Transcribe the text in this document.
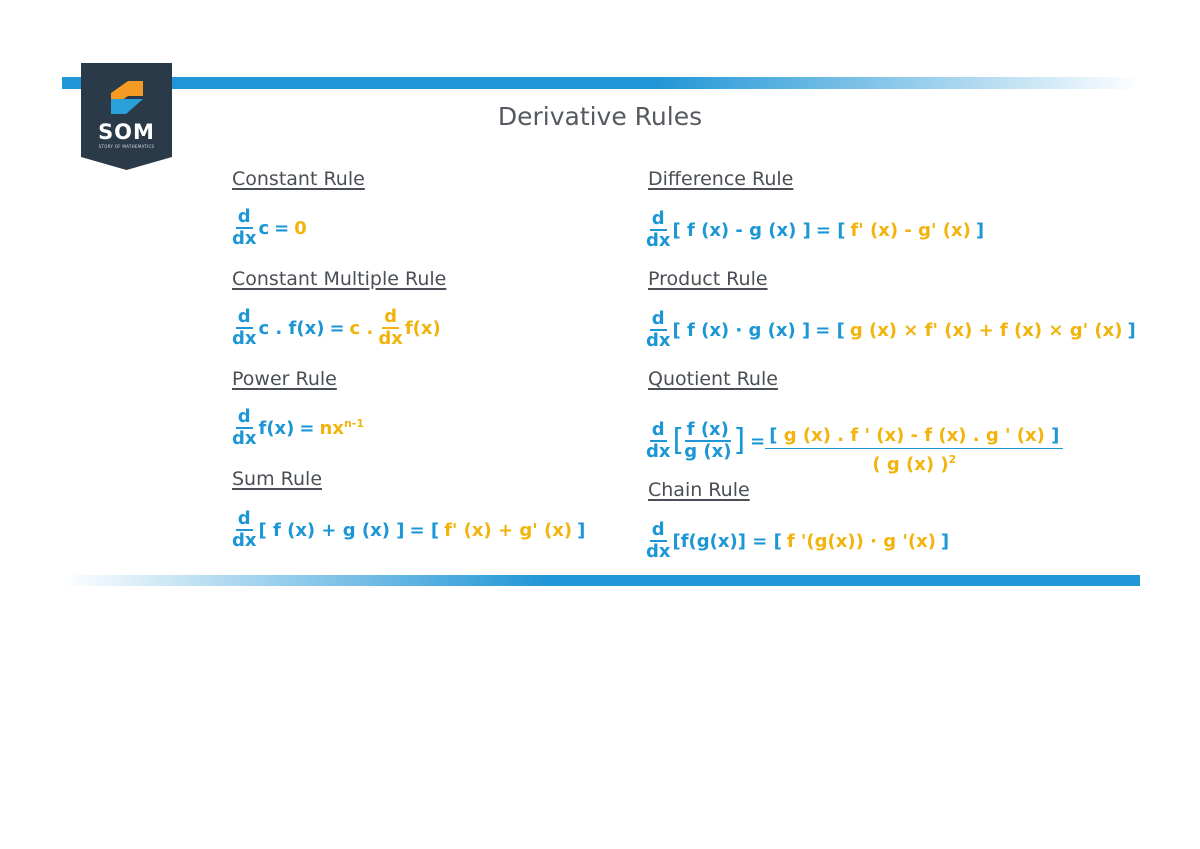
SOM
STORY OF MATHEMATICS
Derivative Rules
Constant Rule
$\frac{d}{dx}$ c = 0
Constant Multiple Rule
$\frac{d}{dx}$ c . f(x) = c . $\frac{d}{dx} f(x)$
Power Rule
$\frac{d}{dx} f(x) = nx^{n-1}$
Sum Rule
$\frac{d}{dx}$ [ f (x) + g (x) ] = [ f' (x) + g' (x) ]
Difference Rule
$\frac{d}{dx}$ [ f (x) - g (x) ] = [ f' (x) - g' (x) ]
Product Rule
$\frac{d}{dx}$ [ f (x) · g (x) ] = [ g (x) × f' (x) + f (x) × g' (x) ]
Quotient Rule
$\frac{d}{dx}$ [ $\frac{f (x)}{g (x)}$ ] = $\frac{[ g (x) . f ' (x) - f (x) . g ' (x) ]}{( g (x) )^2}$
Chain Rule
$\frac{d}{dx} [f(g(x)]$ = [ f '(g(x)) · g '(x) ]
